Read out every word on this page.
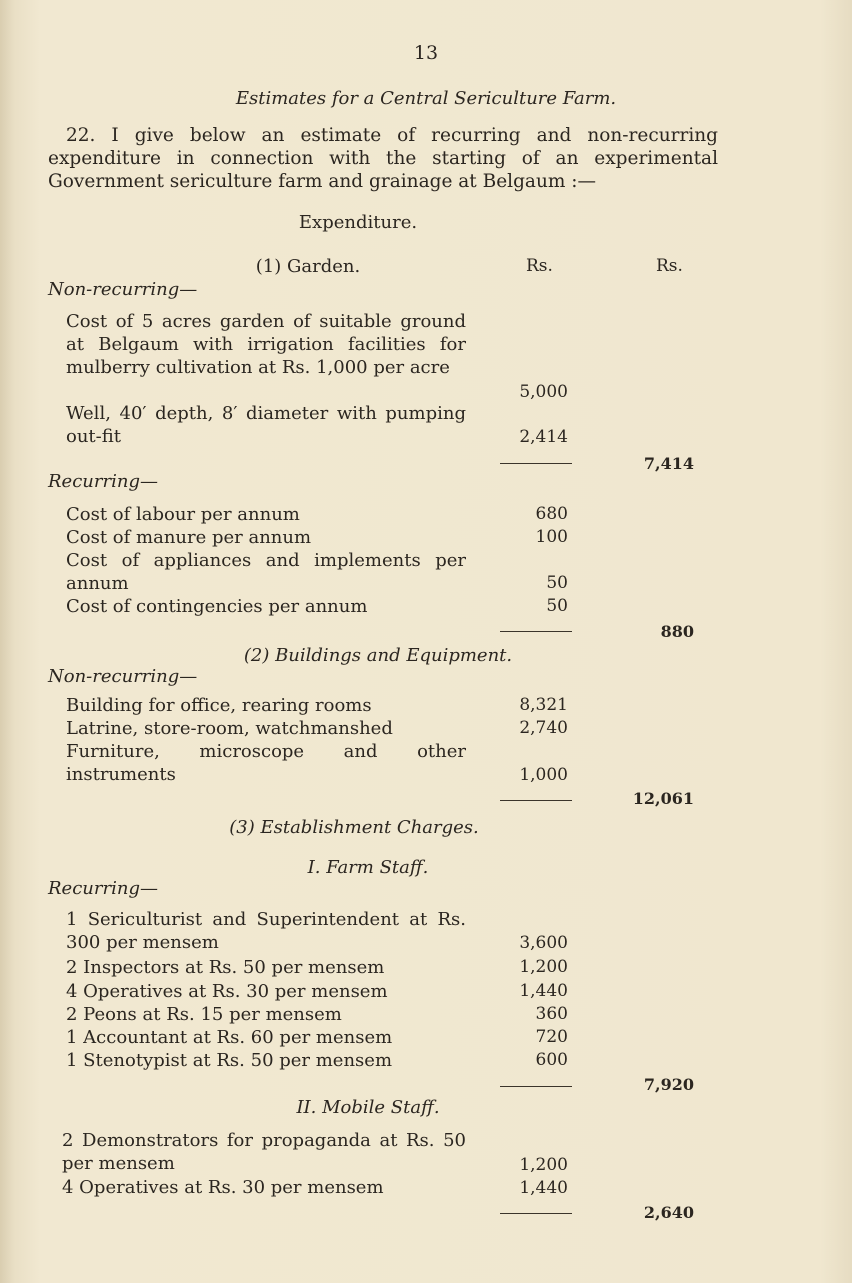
13
Estimates for a Central Sericulture Farm.
22. I give below an estimate of recurring and non-recurring expenditure in connection with the starting of an experimental Government sericulture farm and grainage at Belgaum :—
Expenditure.
(1) Garden.	Rs.	Rs.
Non-recurring—
Cost of 5 acres garden of suitable ground at Belgaum with irrigation facilities for mulberry cultivation at Rs. 1,000 per acre
5,000
Well, 40′ depth, 8′ diameter with pumping out-fit	2,414
7,414
Recurring—
Cost of labour per annum	680
Cost of manure per annum	100
Cost of appliances and implements per annum	50
Cost of contingencies per annum	50
880
(2) Buildings and Equipment.
Non-recurring—
Building for office, rearing rooms	8,321
Latrine, store-room, watchmanshed	2,740
Furniture, microscope and other instruments	1,000
12,061
(3) Establishment Charges.
I. Farm Staff.
Recurring—
1 Sericulturist and Superintendent at Rs. 300 per mensem	3,600
2 Inspectors at Rs. 50 per mensem	1,200
4 Operatives at Rs. 30 per mensem	1,440
2 Peons at Rs. 15 per mensem	360
1 Accountant at Rs. 60 per mensem	720
1 Stenotypist at Rs. 50 per mensem	600
7,920
II. Mobile Staff.
2 Demonstrators for propaganda at Rs. 50 per mensem	1,200
4 Operatives at Rs. 30 per mensem	1,440
2,640
